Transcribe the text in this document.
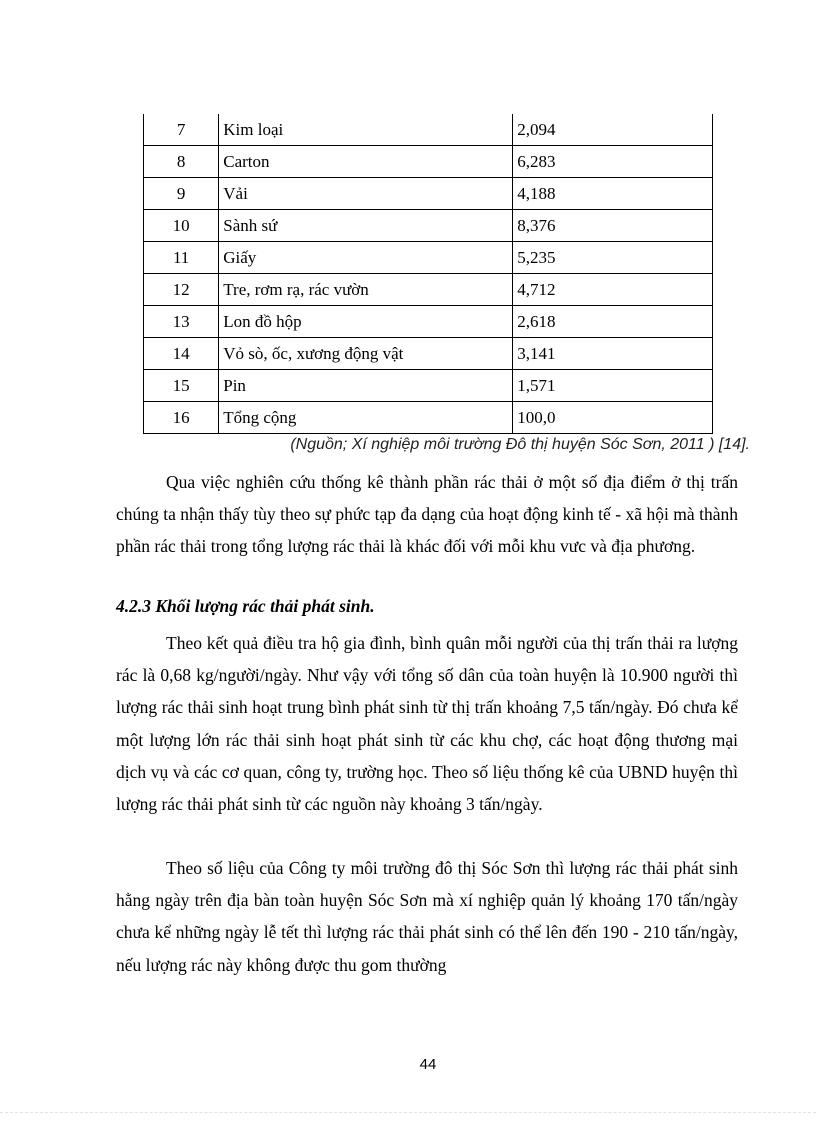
7	Kim loại	2,094
8	Carton	6,283
9	Vải	4,188
10	Sành sứ	8,376
11	Giấy	5,235
12	Tre, rơm rạ, rác vườn	4,712
13	Lon đồ hộp	2,618
14	Vỏ sò, ốc, xương động vật	3,141
15	Pin	1,571
16	Tổng cộng	100,0
(Nguồn; Xí nghiệp môi trường Đô thị huyện Sóc Sơn, 2011 ) [14].

Qua việc nghiên cứu thống kê thành phần rác thải ở một số địa điểm ở thị trấn chúng ta nhận thấy tùy theo sự phức tạp đa dạng của hoạt động kinh tế - xã hội mà thành phần rác thải trong tổng lượng rác thải là khác đối với mỗi khu vưc và địa phương.

4.2.3 Khối lượng rác thải phát sinh.

Theo kết quả điều tra hộ gia đình, bình quân mỗi người của thị trấn thải ra lượng rác là 0,68 kg/người/ngày. Như vậy với tổng số dân của toàn huyện là 10.900 người thì lượng rác thải sinh hoạt trung bình phát sinh từ thị trấn khoảng 7,5 tấn/ngày. Đó chưa kể một lượng lớn rác thải sinh hoạt phát sinh từ các khu chợ, các hoạt động thương mại dịch vụ và các cơ quan, công ty, trường học. Theo số liệu thống kê của UBND huyện thì lượng rác thải phát sinh từ các nguồn này khoảng 3 tấn/ngày.

Theo số liệu của Công ty môi trường đô thị Sóc Sơn thì lượng rác thải phát sinh hằng ngày trên địa bàn toàn huyện Sóc Sơn mà xí nghiệp quản lý khoảng 170 tấn/ngày chưa kể những ngày lễ tết thì lượng rác thải phát sinh có thể lên đến 190 - 210 tấn/ngày, nếu lượng rác này không được thu gom thường

44
